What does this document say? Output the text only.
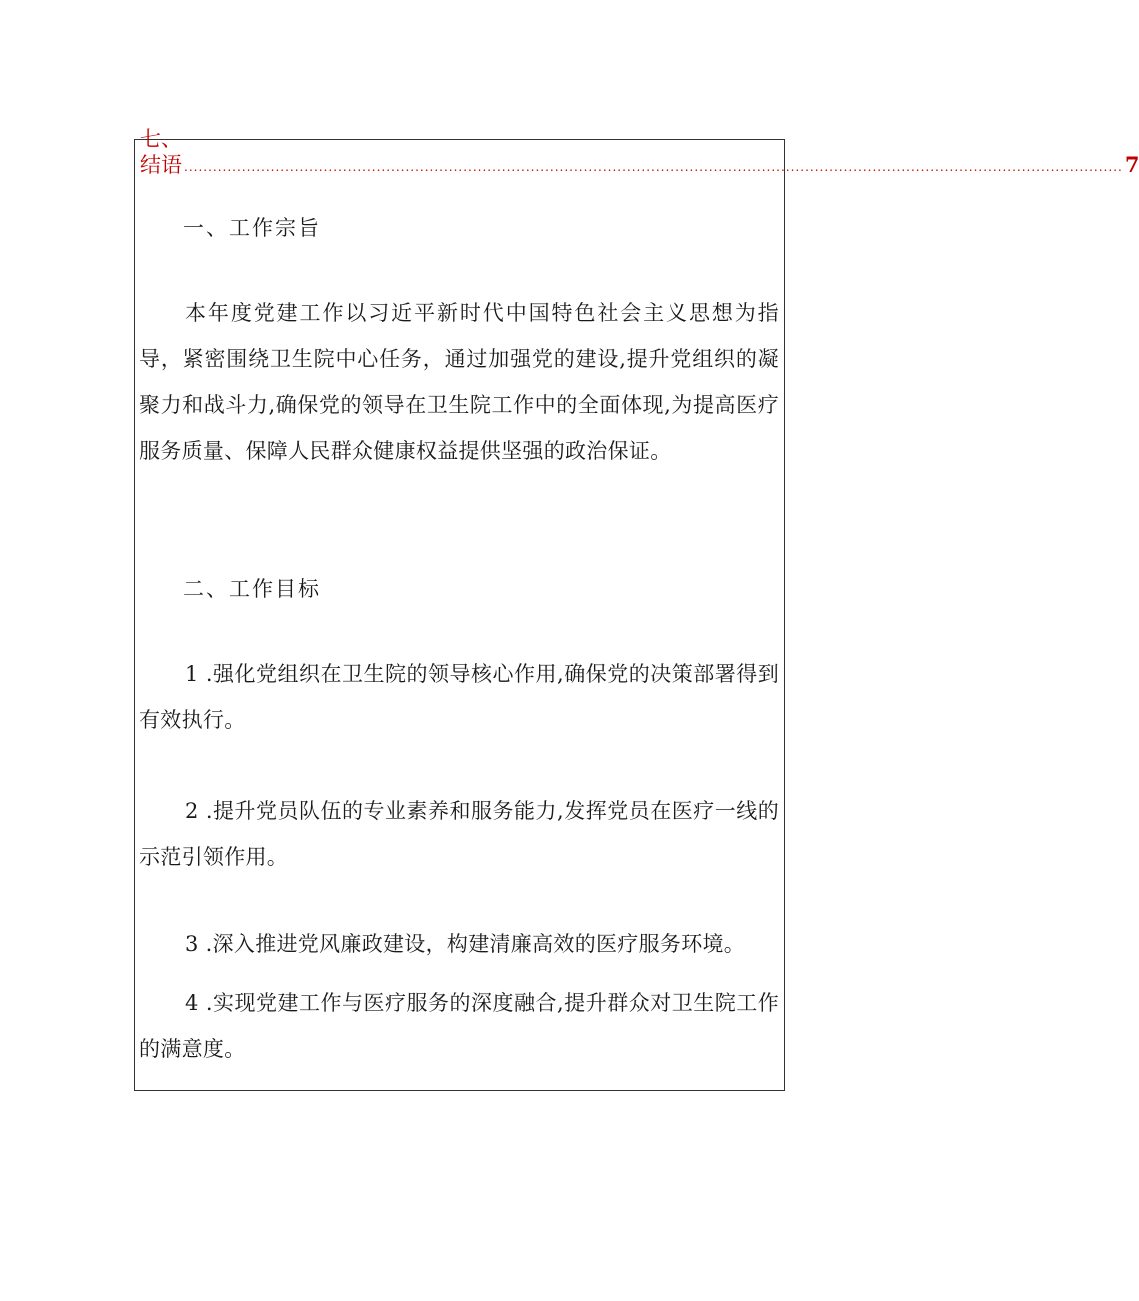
七、结语 ................................................................................................................................................................................................... 7
一、工作宗旨
本年度党建工作以习近平新时代中国特色社会主义思想为指导，紧密围绕卫生院中心任务，通过加强党的建设,提升党组织的凝聚力和战斗力,确保党的领导在卫生院工作中的全面体现,为提高医疗服务质量、保障人民群众健康权益提供坚强的政治保证。
二、工作目标
1 .强化党组织在卫生院的领导核心作用,确保党的决策部署得到有效执行。
2 .提升党员队伍的专业素养和服务能力,发挥党员在医疗一线的示范引领作用。
3 .深入推进党风廉政建设，构建清廉高效的医疗服务环境。
4 .实现党建工作与医疗服务的深度融合,提升群众对卫生院工作的满意度。
